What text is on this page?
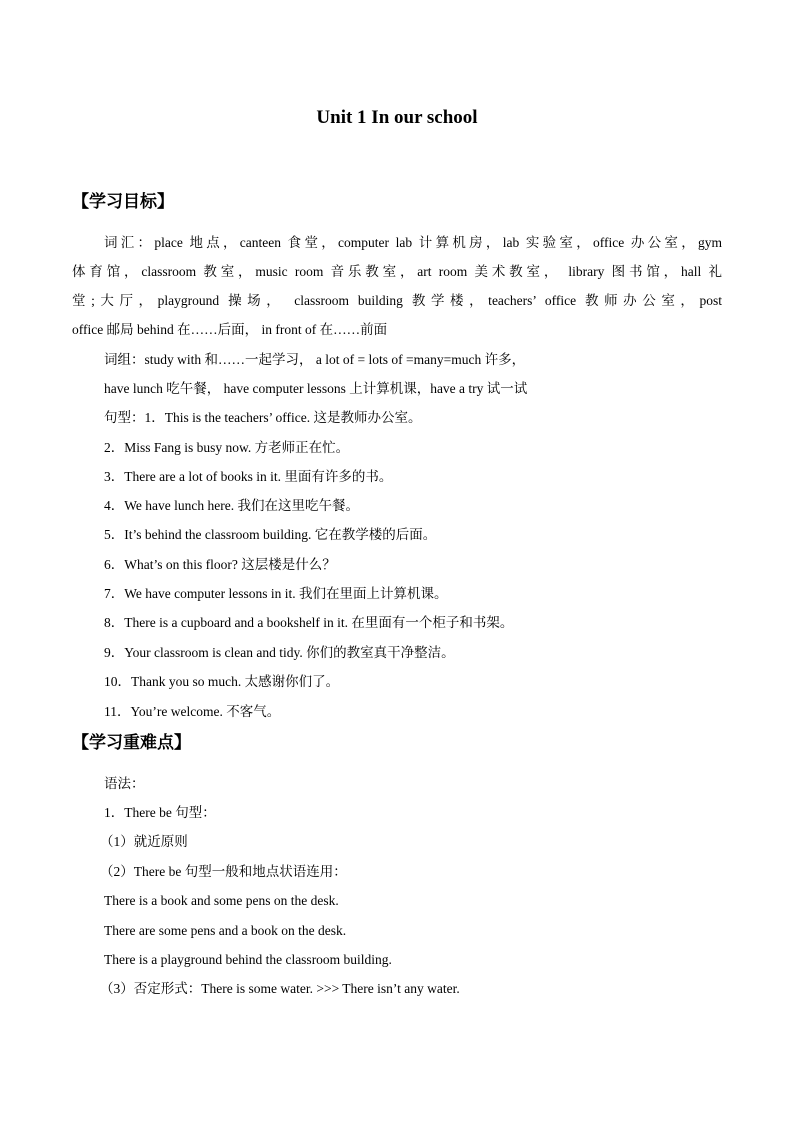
Unit 1 In our school
【学习目标】
词汇：place 地点，canteen 食堂，computer lab 计算机房，lab 实验室，office 办公室，gym
体育馆，classroom 教室，music room 音乐教室，art room 美术教室， library 图书馆，hall 礼
堂;大厅，playground 操场， classroom building 教学楼，teachers’ office 教师办公室，post
office 邮局 behind 在……后面， in front of 在……前面
词组：study with 和……一起学习， a lot of = lots of =many=much 许多，
have lunch 吃午餐， have computer lessons 上计算机课，have a try 试一试
句型：1．This is the teachers’ office. 这是教师办公室。
2．Miss Fang is busy now. 方老师正在忙。
3．There are a lot of books in it. 里面有许多的书。
4．We have lunch here. 我们在这里吃午餐。
5．It’s behind the classroom building. 它在教学楼的后面。
6．What’s on this floor? 这层楼是什么？
7．We have computer lessons in it. 我们在里面上计算机课。
8．There is a cupboard and a bookshelf in it. 在里面有一个柜子和书架。
9．Your classroom is clean and tidy. 你们的教室真干净整洁。
10．Thank you so much. 太感谢你们了。
11．You’re welcome. 不客气。
【学习重难点】
语法：
1．There be 句型：
（1）就近原则
（2）There be 句型一般和地点状语连用：
There is a book and some pens on the desk.
There are some pens and a book on the desk.
There is a playground behind the classroom building.
（3）否定形式：There is some water. >>> There isn’t any water.
